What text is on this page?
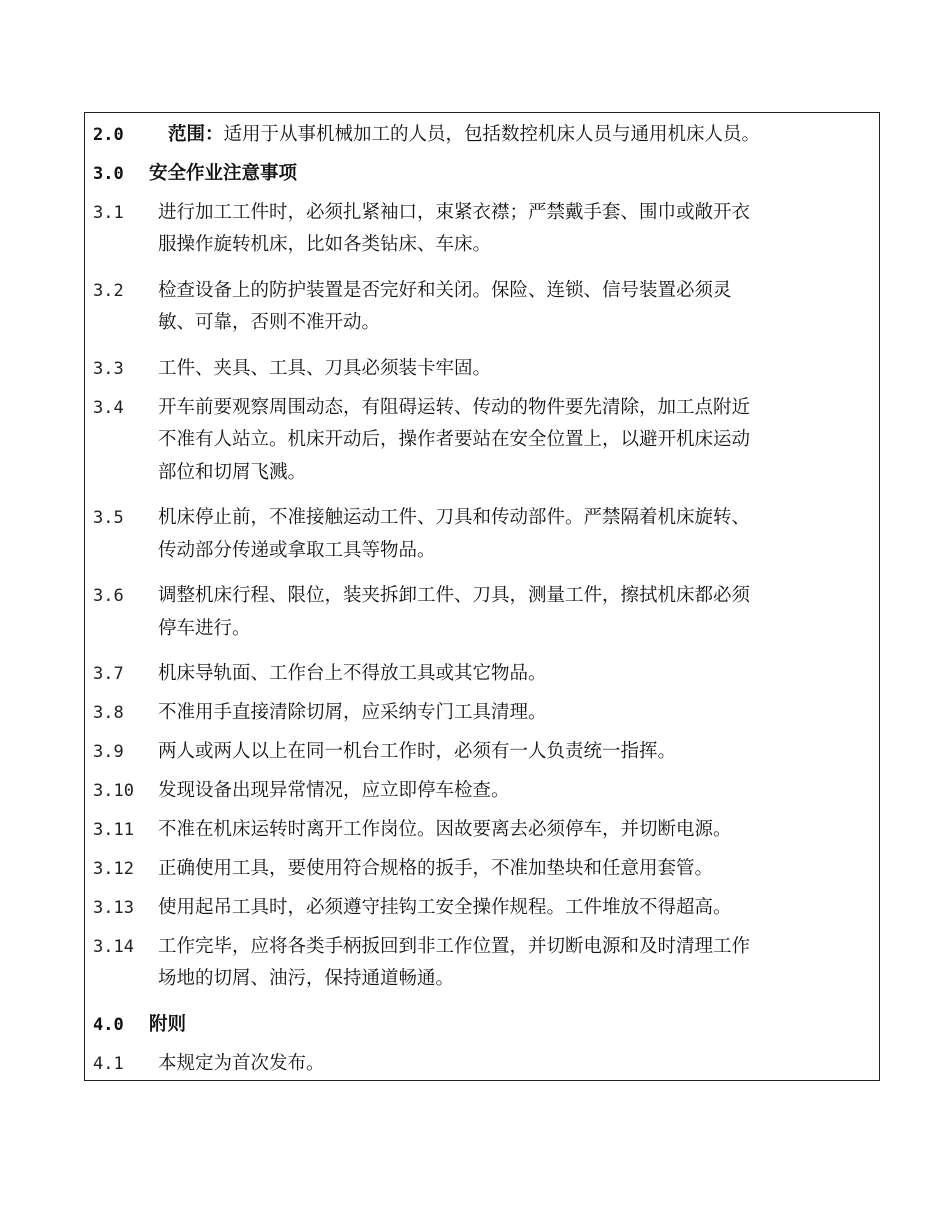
2.0	范围：适用于从事机械加工的人员，包括数控机床人员与通用机床人员。
3.0	安全作业注意事项
3.1	进行加工工件时，必须扎紧袖口，束紧衣襟；严禁戴手套、围巾或敞开衣
服操作旋转机床，比如各类钻床、车床。
3.2	检查设备上的防护装置是否完好和关闭。保险、连锁、信号装置必须灵
敏、可靠，否则不准开动。
3.3	工件、夹具、工具、刀具必须装卡牢固。
3.4	开车前要观察周围动态，有阻碍运转、传动的物件要先清除，加工点附近
不准有人站立。机床开动后，操作者要站在安全位置上，以避开机床运动
部位和切屑飞溅。
3.5	机床停止前，不准接触运动工件、刀具和传动部件。严禁隔着机床旋转、
传动部分传递或拿取工具等物品。
3.6	调整机床行程、限位，装夹拆卸工件、刀具，测量工件，擦拭机床都必须
停车进行。
3.7	机床导轨面、工作台上不得放工具或其它物品。
3.8	不准用手直接清除切屑，应采纳专门工具清理。
3.9	两人或两人以上在同一机台工作时，必须有一人负责统一指挥。
3.10	发现设备出现异常情况，应立即停车检查。
3.11	不准在机床运转时离开工作岗位。因故要离去必须停车，并切断电源。
3.12	正确使用工具，要使用符合规格的扳手，不准加垫块和任意用套管。
3.13	使用起吊工具时，必须遵守挂钩工安全操作规程。工件堆放不得超高。
3.14	工作完毕，应将各类手柄扳回到非工作位置，并切断电源和及时清理工作
场地的切屑、油污，保持通道畅通。
4.0	附则
4.1	本规定为首次发布。
